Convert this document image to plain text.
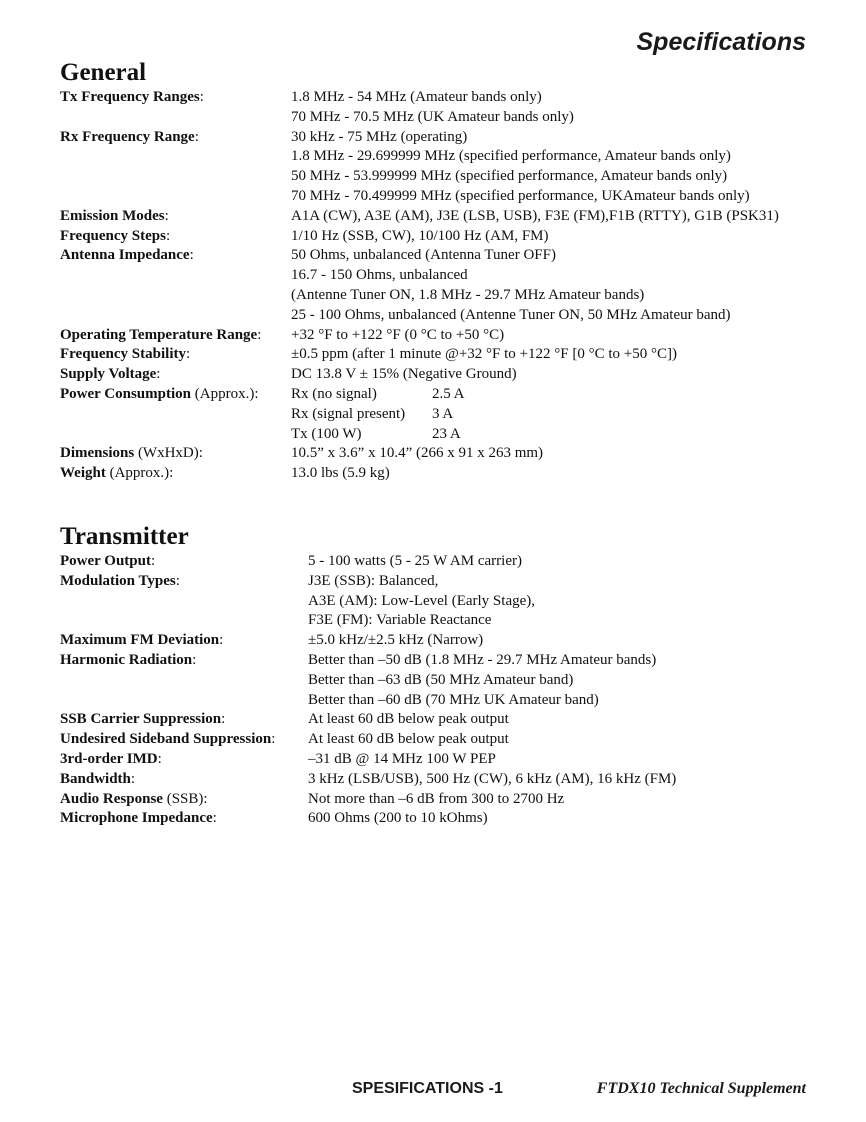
Specifications
General
Tx Frequency Ranges:	1.8 MHz - 54 MHz (Amateur bands only)
70 MHz - 70.5 MHz (UK Amateur bands only)
Rx Frequency Range:	30 kHz - 75 MHz (operating)
1.8 MHz - 29.699999 MHz (specified performance, Amateur bands only)
50 MHz - 53.999999 MHz (specified performance, Amateur bands only)
70 MHz - 70.499999 MHz (specified performance, UKAmateur bands only)
Emission Modes:	A1A (CW), A3E (AM), J3E (LSB, USB), F3E (FM),F1B (RTTY), G1B (PSK31)
Frequency Steps:	1/10 Hz (SSB, CW), 10/100 Hz (AM, FM)
Antenna Impedance:	50 Ohms, unbalanced (Antenna Tuner OFF)
16.7 - 150 Ohms, unbalanced
(Antenne Tuner ON, 1.8 MHz - 29.7 MHz Amateur bands)
25 - 100 Ohms, unbalanced (Antenne Tuner ON, 50 MHz Amateur band)
Operating Temperature Range:	+32 °F to +122 °F (0 °C to +50 °C)
Frequency Stability:	±0.5 ppm (after 1 minute @+32 °F to +122 °F [0 °C to +50 °C])
Supply Voltage:	DC 13.8 V ± 15% (Negative Ground)
Power Consumption (Approx.):	Rx (no signal)	2.5 A
Rx (signal present) 3 A
Tx (100 W)	23 A
Dimensions (WxHxD):	10.5” x 3.6” x 10.4” (266 x 91 x 263 mm)
Weight (Approx.):	13.0 lbs (5.9 kg)
Transmitter
Power Output:	5 - 100 watts (5 - 25 W AM carrier)
Modulation Types:	J3E (SSB): Balanced,
A3E (AM): Low-Level (Early Stage),
F3E (FM): Variable Reactance
Maximum FM Deviation:	±5.0 kHz/±2.5 kHz (Narrow)
Harmonic Radiation:	Better than –50 dB (1.8 MHz - 29.7 MHz Amateur bands)
Better than –63 dB (50 MHz Amateur band)
Better than –60 dB (70 MHz UK Amateur band)
SSB Carrier Suppression:	At least 60 dB below peak output
Undesired Sideband Suppression:	At least 60 dB below peak output
3rd-order IMD:	–31 dB @ 14 MHz 100 W PEP
Bandwidth:	3 kHz (LSB/USB), 500 Hz (CW), 6 kHz (AM), 16 kHz (FM)
Audio Response (SSB):	Not more than –6 dB from 300 to 2700 Hz
Microphone Impedance:	600 Ohms (200 to 10 kOhms)
SPESIFICATIONS -1	FTDX10 Technical Supplement
